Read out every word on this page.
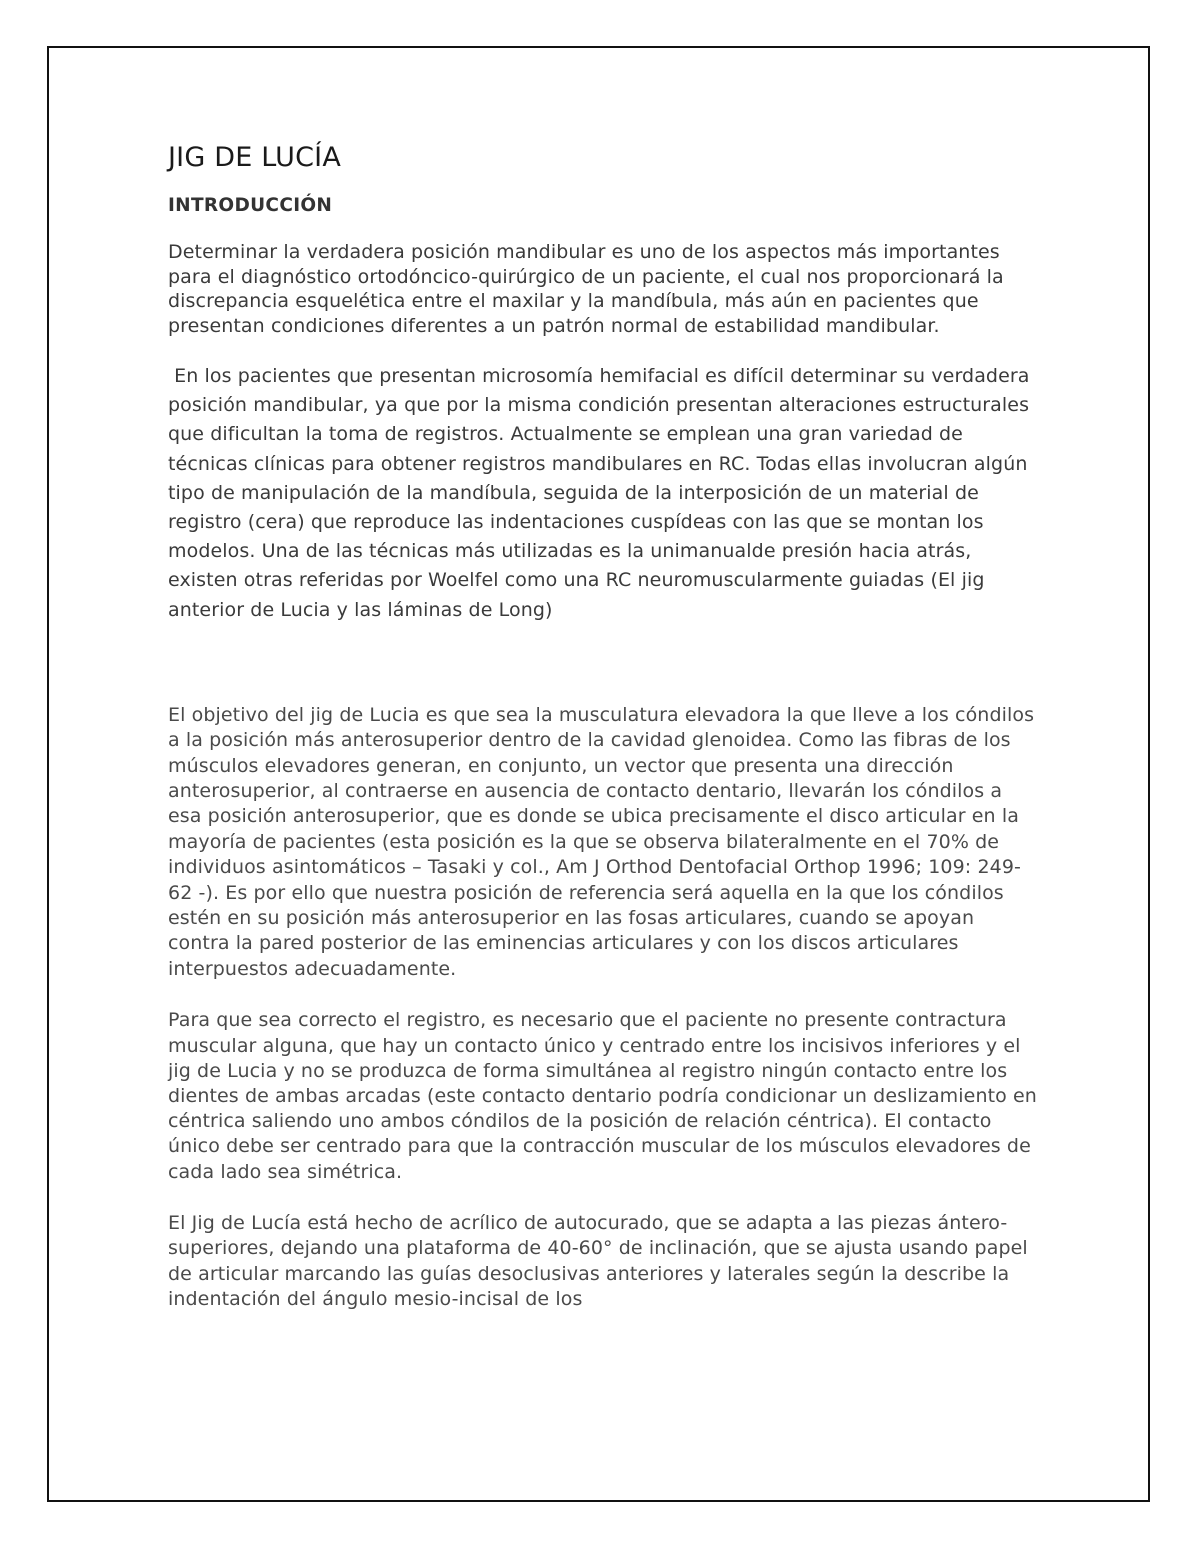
JIG DE LUCÍA
INTRODUCCIÓN

Determinar la verdadera posición mandibular es uno de los aspectos más importantes para el diagnóstico ortodóncico-quirúrgico de un paciente, el cual nos proporcionará la discrepancia esquelética entre el maxilar y la mandíbula, más aún en pacientes que presentan condiciones diferentes a un patrón normal de estabilidad mandibular.

En los pacientes que presentan microsomía hemifacial es difícil determinar su verdadera posición mandibular, ya que por la misma condición presentan alteraciones estructurales que dificultan la toma de registros. Actualmente se emplean una gran variedad de técnicas clínicas para obtener registros mandibulares en RC. Todas ellas involucran algún tipo de manipulación de la mandíbula, seguida de la interposición de un material de registro (cera) que reproduce las indentaciones cuspídeas con las que se montan los modelos. Una de las técnicas más utilizadas es la unimanualde presión hacia atrás, existen otras referidas por Woelfel como una RC neuromuscularmente guiadas (El jig anterior de Lucia y las láminas de Long)

El objetivo del jig de Lucia es que sea la musculatura elevadora la que lleve a los cóndilos a la posición más anterosuperior dentro de la cavidad glenoidea. Como las fibras de los músculos elevadores generan, en conjunto, un vector que presenta una dirección anterosuperior, al contraerse en ausencia de contacto dentario, llevarán los cóndilos a esa posición anterosuperior, que es donde se ubica precisamente el disco articular en la mayoría de pacientes (esta posición es la que se observa bilateralmente en el 70% de individuos asintomáticos – Tasaki y col., Am J Orthod Dentofacial Orthop 1996; 109: 249-62 -). Es por ello que nuestra posición de referencia será aquella en la que los cóndilos estén en su posición más anterosuperior en las fosas articulares, cuando se apoyan contra la pared posterior de las eminencias articulares y con los discos articulares interpuestos adecuadamente.

Para que sea correcto el registro, es necesario que el paciente no presente contractura muscular alguna, que hay un contacto único y centrado entre los incisivos inferiores y el jig de Lucia y no se produzca de forma simultánea al registro ningún contacto entre los dientes de ambas arcadas (este contacto dentario podría condicionar un deslizamiento en céntrica saliendo uno ambos cóndilos de la posición de relación céntrica). El contacto único debe ser centrado para que la contracción muscular de los músculos elevadores de cada lado sea simétrica.

El Jig de Lucía está hecho de acrílico de autocurado, que se adapta a las piezas ántero-superiores, dejando una plataforma de 40-60° de inclinación, que se ajusta usando papel de articular marcando las guías desoclusivas anteriores y laterales según la describe la indentación del ángulo mesio-incisal de los
